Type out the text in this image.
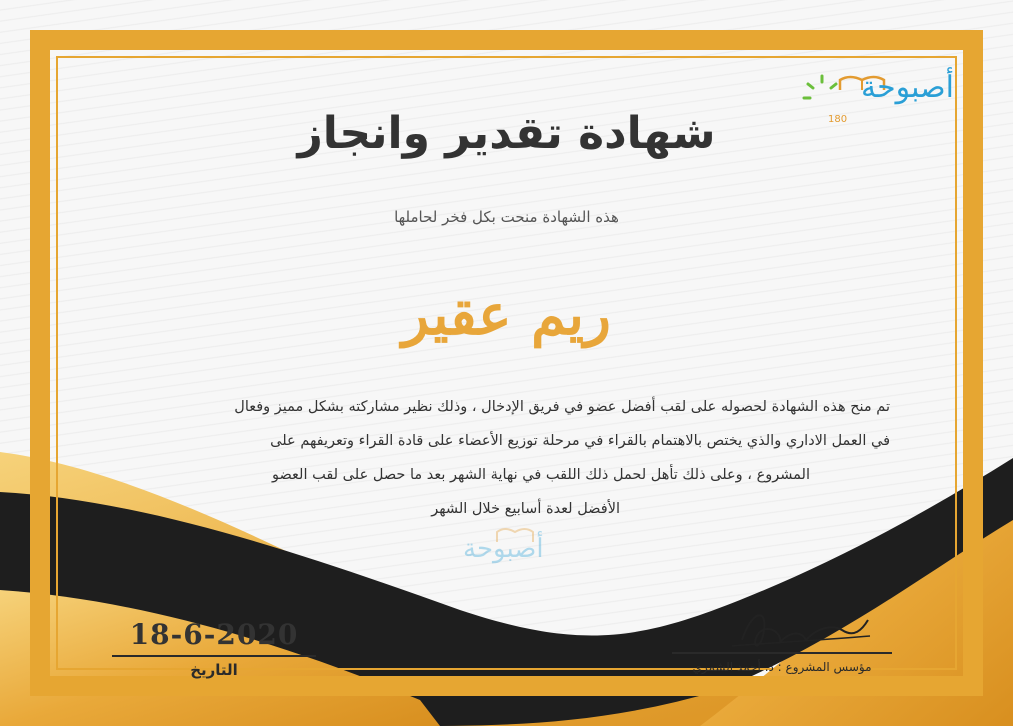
أصبوحة
180
شهادة تقدير وانجاز
هذه الشهادة منحت بكل فخر لحاملها
ريم عقير
تم منح هذه الشهادة لحصوله على لقب أفضل عضو في فريق الإدخال ، وذلك نظير مشاركته بشكل مميز وفعال
في العمل الاداري والذي يختص بالاهتمام بالقراء في مرحلة توزيع الأعضاء على قادة القراء وتعريفهم على
المشروع ، وعلى ذلك تأهل لحمل ذلك اللقب في نهاية الشهر بعد ما حصل على لقب العضو
الأفضل لعدة أسابيع خلال الشهر
أصبوحة
18-6-2020
التاريخ	مؤسس المشروع : د. أحمد الشمري
